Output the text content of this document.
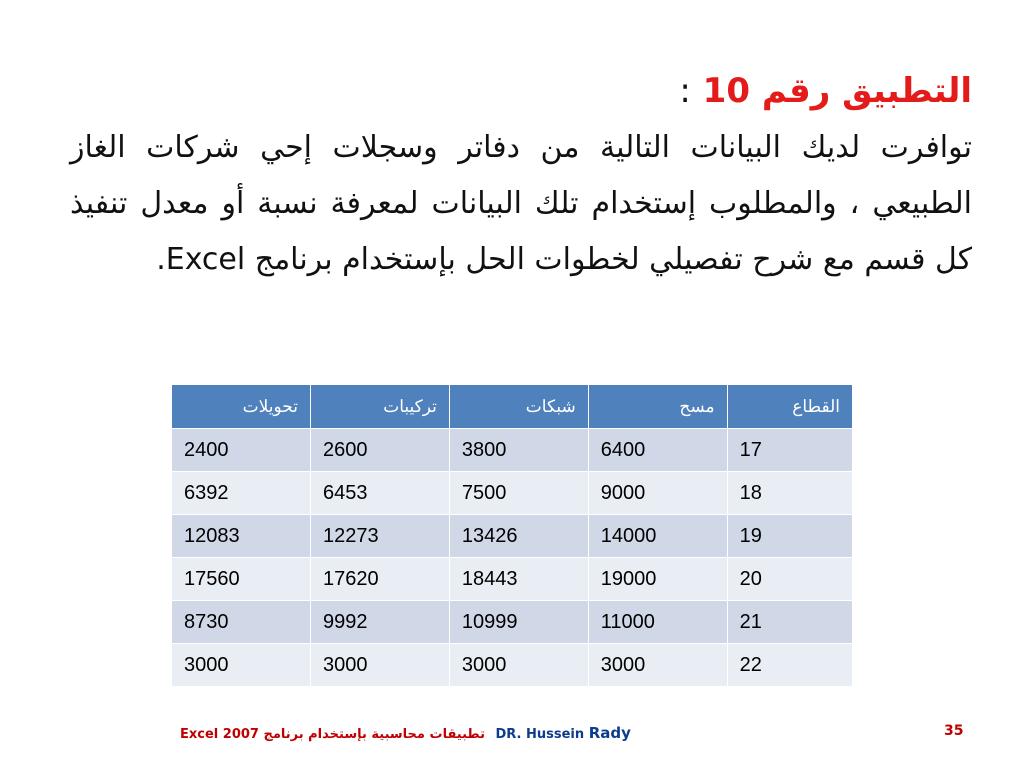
التطبيق رقم 10 :
توافرت لديك البيانات التالية من دفاتر وسجلات إحي شركات الغاز الطبيعي ، والمطلوب إستخدام تلك البيانات لمعرفة نسبة أو معدل تنفيذ كل قسم مع شرح تفصيلي لخطوات الحل بإستخدام برنامج Excel.
القطاع	مسح	شبكات	تركيبات	تحويلات
17	6400	3800	2600	2400
18	9000	7500	6453	6392
19	14000	13426	12273	12083
20	19000	18443	17620	17560
21	11000	10999	9992	8730
22	3000	3000	3000	3000
تطبيقات محاسبية بإستخدام برنامج Excel 2007 DR. Hussein Rady	35
